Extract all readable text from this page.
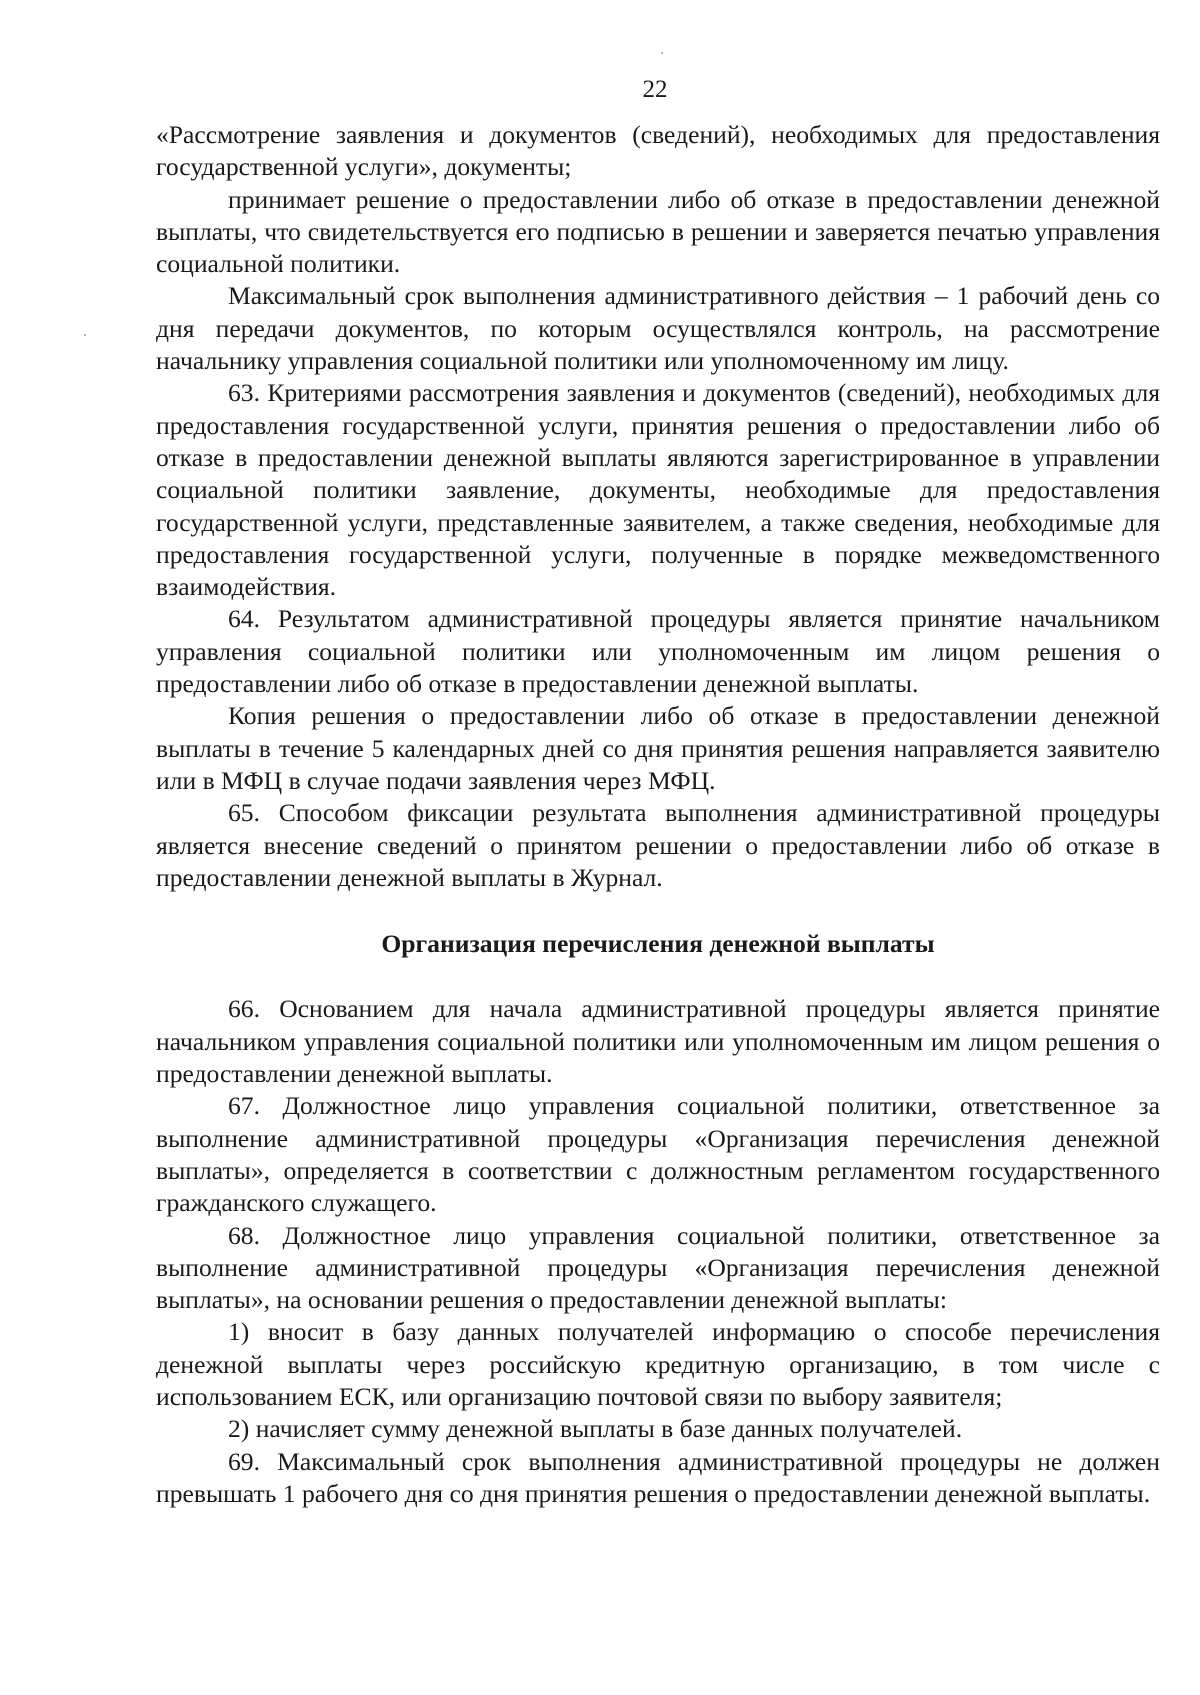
22

«Рассмотрение заявления и документов (сведений), необходимых для предоставления государственной услуги», документы;

принимает решение о предоставлении либо об отказе в предоставлении денежной выплаты, что свидетельствуется его подписью в решении и заверяется печатью управления социальной политики.

Максимальный срок выполнения административного действия – 1 рабочий день со дня передачи документов, по которым осуществлялся контроль, на рассмотрение начальнику управления социальной политики или уполномоченному им лицу.

63. Критериями рассмотрения заявления и документов (сведений), необходимых для предоставления государственной услуги, принятия решения о предоставлении либо об отказе в предоставлении денежной выплаты являются зарегистрированное в управлении социальной политики заявление, документы, необходимые для предоставления государственной услуги, представленные заявителем, а также сведения, необходимые для предоставления государственной услуги, полученные в порядке межведомственного взаимодействия.

64. Результатом административной процедуры является принятие начальником управления социальной политики или уполномоченным им лицом решения о предоставлении либо об отказе в предоставлении денежной выплаты.

Копия решения о предоставлении либо об отказе в предоставлении денежной выплаты в течение 5 календарных дней со дня принятия решения направляется заявителю или в МФЦ в случае подачи заявления через МФЦ.

65. Способом фиксации результата выполнения административной процедуры является внесение сведений о принятом решении о предоставлении либо об отказе в предоставлении денежной выплаты в Журнал.

Организация перечисления денежной выплаты

66. Основанием для начала административной процедуры является принятие начальником управления социальной политики или уполномоченным им лицом решения о предоставлении денежной выплаты.

67. Должностное лицо управления социальной политики, ответственное за выполнение административной процедуры «Организация перечисления денежной выплаты», определяется в соответствии с должностным регламентом государственного гражданского служащего.

68. Должностное лицо управления социальной политики, ответственное за выполнение административной процедуры «Организация перечисления денежной выплаты», на основании решения о предоставлении денежной выплаты:

1) вносит в базу данных получателей информацию о способе перечисления денежной выплаты через российскую кредитную организацию, в том числе с использованием ЕСК, или организацию почтовой связи по выбору заявителя;

2) начисляет сумму денежной выплаты в базе данных получателей.

69. Максимальный срок выполнения административной процедуры не должен превышать 1 рабочего дня со дня принятия решения о предоставлении денежной выплаты.
